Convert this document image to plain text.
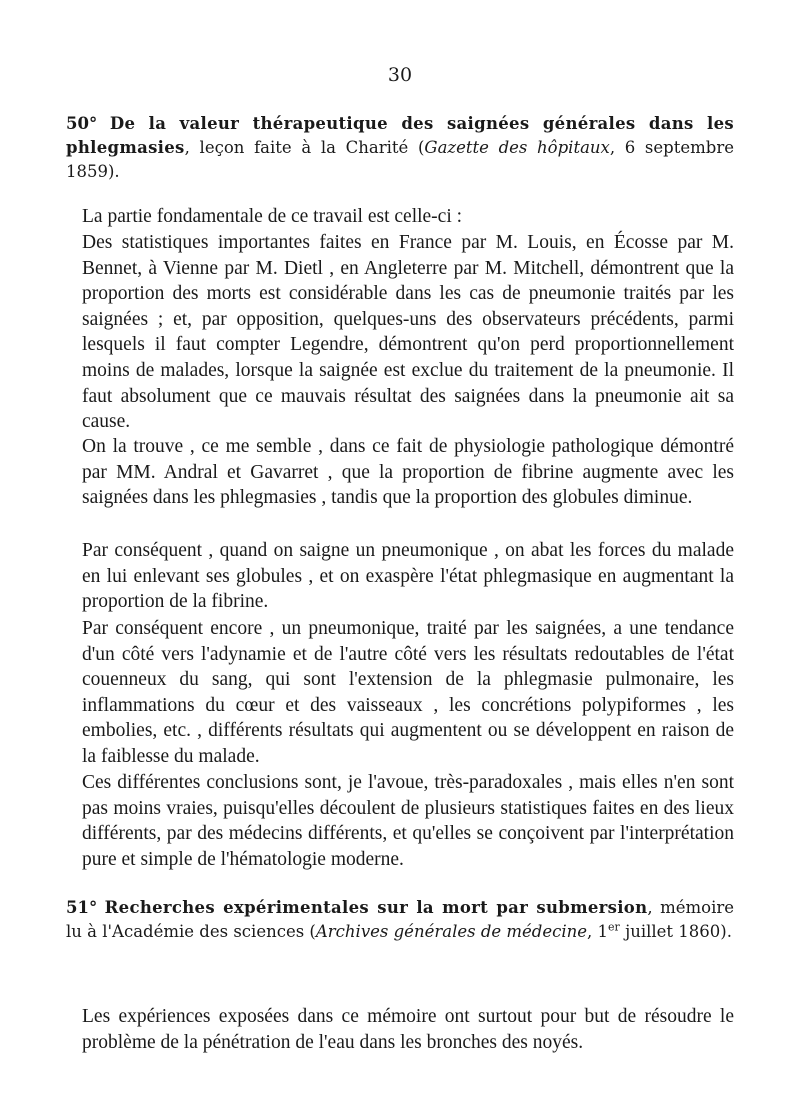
30
50° De la valeur thérapeutique des saignées générales dans les phlegmasies, leçon faite à la Charité (Gazette des hôpitaux, 6 septembre 1859).
La partie fondamentale de ce travail est celle-ci :
Des statistiques importantes faites en France par M. Louis, en Écosse par M. Bennet, à Vienne par M. Dietl , en Angleterre par M. Mitchell, démontrent que la proportion des morts est considérable dans les cas de pneumonie traités par les saignées ; et, par opposition, quelques-uns des observateurs précédents, parmi lesquels il faut compter Legendre, démontrent qu'on perd proportionnellement moins de malades, lorsque la saignée est exclue du traitement de la pneumonie. Il faut absolument que ce mauvais résultat des saignées dans la pneumonie ait sa cause.
On la trouve , ce me semble , dans ce fait de physiologie pathologique démontré par MM. Andral et Gavarret , que la proportion de fibrine augmente avec les saignées dans les phlegmasies , tandis que la proportion des globules diminue.
Par conséquent , quand on saigne un pneumonique , on abat les forces du malade en lui enlevant ses globules , et on exaspère l'état phlegmasique en augmentant la proportion de la fibrine.
Par conséquent encore , un pneumonique, traité par les saignées, a une tendance d'un côté vers l'adynamie et de l'autre côté vers les résultats redoutables de l'état couenneux du sang, qui sont l'extension de la phlegmasie pulmonaire, les inflammations du cœur et des vaisseaux , les concrétions polypiformes , les embolies, etc. , différents résultats qui augmentent ou se développent en raison de la faiblesse du malade.
Ces différentes conclusions sont, je l'avoue, très-paradoxales , mais elles n'en sont pas moins vraies, puisqu'elles découlent de plusieurs statistiques faites en des lieux différents, par des médecins différents, et qu'elles se conçoivent par l'interprétation pure et simple de l'hématologie moderne.
51° Recherches expérimentales sur la mort par submersion, mémoire lu à l'Académie des sciences (Archives générales de médecine, 1er juillet 1860).
Les expériences exposées dans ce mémoire ont surtout pour but de résoudre le problème de la pénétration de l'eau dans les bronches des noyés.
